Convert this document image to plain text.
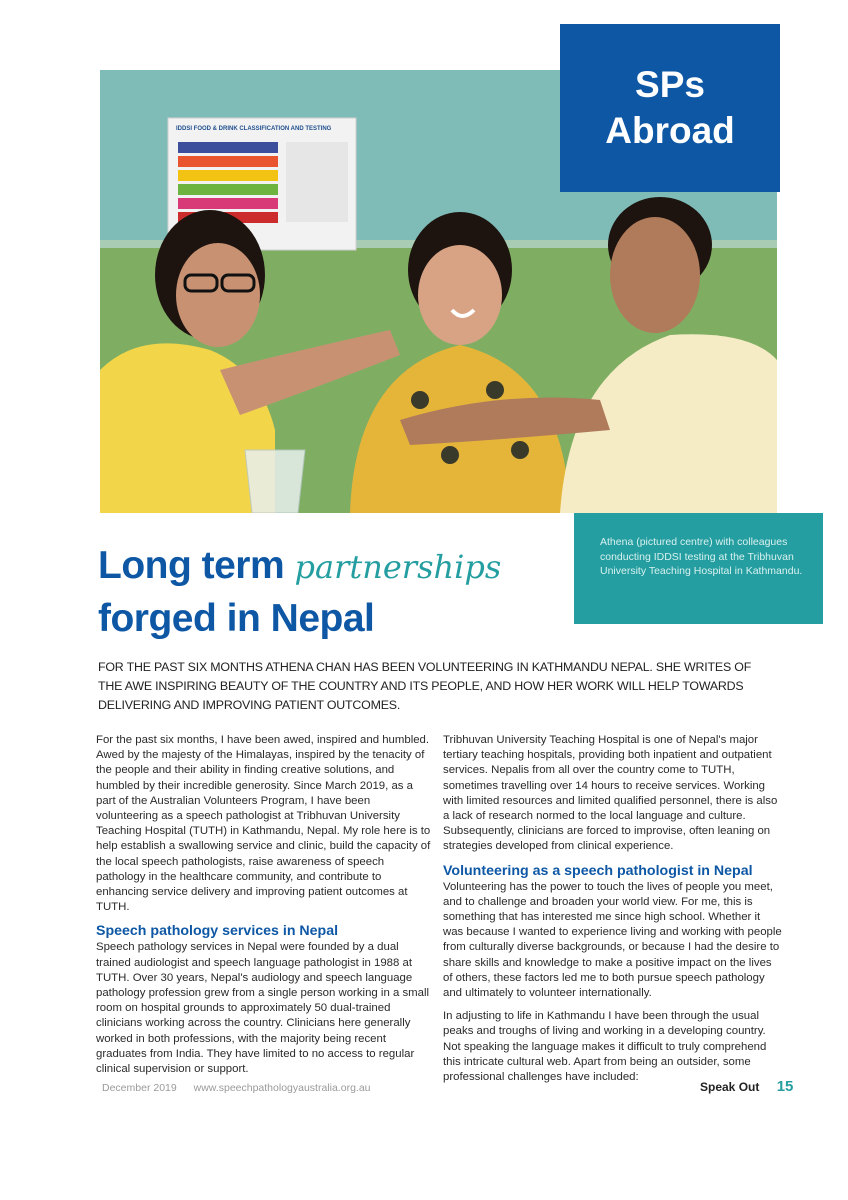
IDDSI FOOD & DRINK CLASSIFICATION AND TESTING
SPs
Abroad
Athena (pictured centre) with colleagues conducting IDDSI testing at the Tribhuvan University Teaching Hospital in Kathmandu.
Long term partnerships
forged in Nepal
FOR THE PAST SIX MONTHS ATHENA CHAN HAS BEEN VOLUNTEERING IN KATHMANDU NEPAL. SHE WRITES OF THE AWE INSPIRING BEAUTY OF THE COUNTRY AND ITS PEOPLE, AND HOW HER WORK WILL HELP TOWARDS DELIVERING AND IMPROVING PATIENT OUTCOMES.

For the past six months, I have been awed, inspired and humbled. Awed by the majesty of the Himalayas, inspired by the tenacity of the people and their ability in finding creative solutions, and humbled by their incredible generosity. Since March 2019, as a part of the Australian Volunteers Program, I have been volunteering as a speech pathologist at Tribhuvan University Teaching Hospital (TUTH) in Kathmandu, Nepal. My role here is to help establish a swallowing service and clinic, build the capacity of the local speech pathologists, raise awareness of speech pathology in the healthcare community, and contribute to enhancing service delivery and improving patient outcomes at TUTH.

Speech pathology services in Nepal

Speech pathology services in Nepal were founded by a dual trained audiologist and speech language pathologist in 1988 at TUTH. Over 30 years, Nepal's audiology and speech language pathology profession grew from a single person working in a small room on hospital grounds to approximately 50 dual-trained clinicians working across the country. Clinicians here generally worked in both professions, with the majority being recent graduates from India. They have limited to no access to regular clinical supervision or support.

Tribhuvan University Teaching Hospital is one of Nepal's major tertiary teaching hospitals, providing both inpatient and outpatient services. Nepalis from all over the country come to TUTH, sometimes travelling over 14 hours to receive services. Working with limited resources and limited qualified personnel, there is also a lack of research normed to the local language and culture. Subsequently, clinicians are forced to improvise, often leaning on strategies developed from clinical experience.

Volunteering as a speech pathologist in Nepal

Volunteering has the power to touch the lives of people you meet, and to challenge and broaden your world view. For me, this is something that has interested me since high school. Whether it was because I wanted to experience living and working with people from culturally diverse backgrounds, or because I had the desire to share skills and knowledge to make a positive impact on the lives of others, these factors led me to both pursue speech pathology and ultimately to volunteer internationally.

In adjusting to life in Kathmandu I have been through the usual peaks and troughs of living and working in a developing country. Not speaking the language makes it difficult to truly comprehend this intricate cultural web. Apart from being an outsider, some professional challenges have included:

December 2019 www.speechpathologyaustralia.org.au	Speak Out 15
